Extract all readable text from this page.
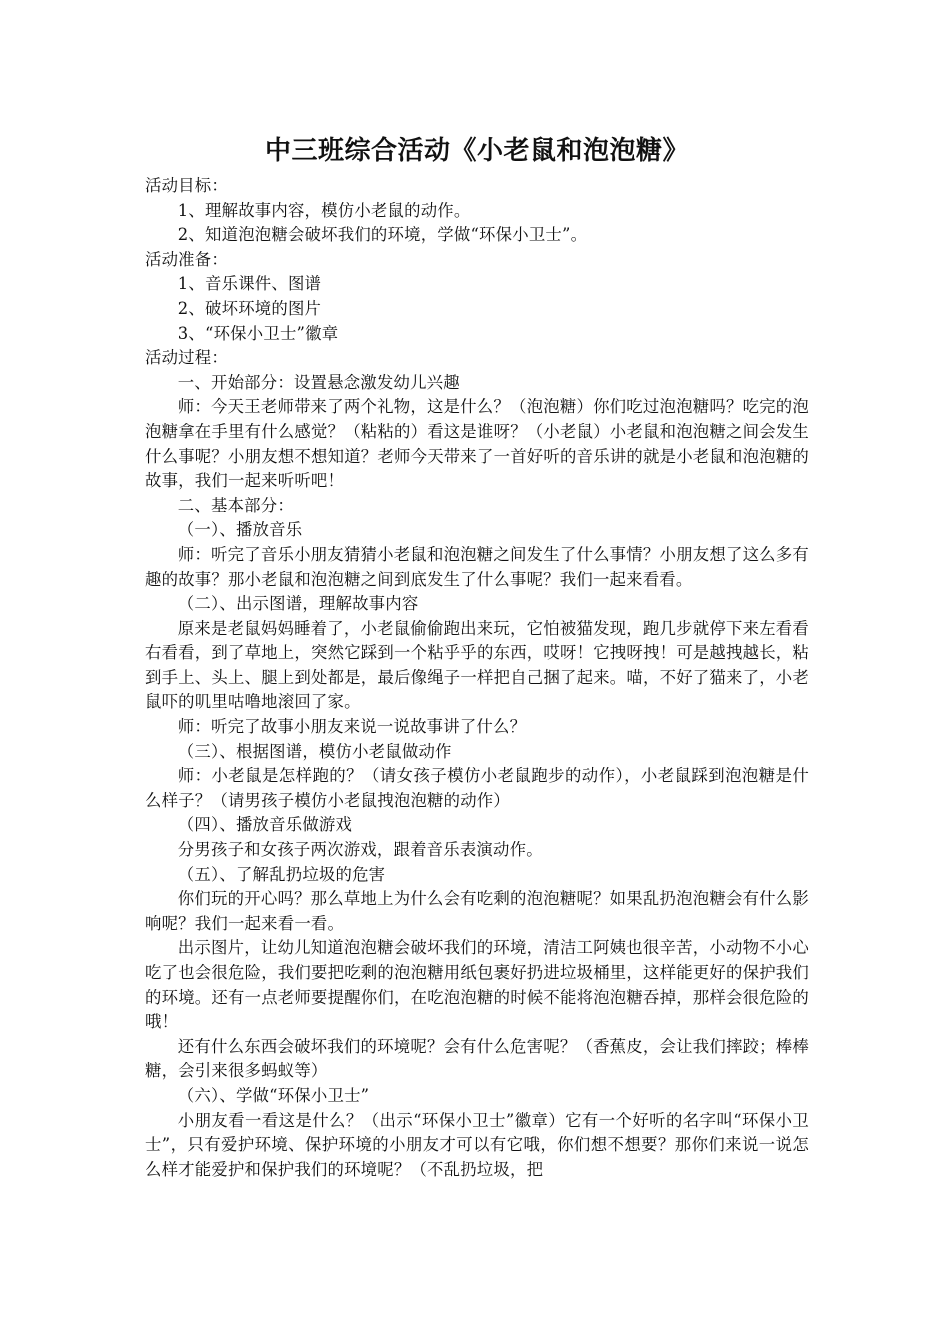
中三班综合活动《小老鼠和泡泡糖》

活动目标：

1、理解故事内容，模仿小老鼠的动作。

2、知道泡泡糖会破坏我们的环境，学做“环保小卫士”。

活动准备：

1、音乐课件、图谱

2、破坏环境的图片

3、“环保小卫士”徽章

活动过程：

一、开始部分：设置悬念激发幼儿兴趣

师：今天王老师带来了两个礼物，这是什么？（泡泡糖）你们吃过泡泡糖吗？吃完的泡泡糖拿在手里有什么感觉？（粘粘的）看这是谁呀？（小老鼠）小老鼠和泡泡糖之间会发生什么事呢？小朋友想不想知道？老师今天带来了一首好听的音乐讲的就是小老鼠和泡泡糖的故事，我们一起来听听吧！

二、基本部分：

（一）、播放音乐

师：听完了音乐小朋友猜猜小老鼠和泡泡糖之间发生了什么事情？小朋友想了这么多有趣的故事？那小老鼠和泡泡糖之间到底发生了什么事呢？我们一起来看看。

（二）、出示图谱，理解故事内容

原来是老鼠妈妈睡着了，小老鼠偷偷跑出来玩，它怕被猫发现，跑几步就停下来左看看右看看，到了草地上，突然它踩到一个粘乎乎的东西，哎呀！它拽呀拽！可是越拽越长，粘到手上、头上、腿上到处都是，最后像绳子一样把自己捆了起来。喵，不好了猫来了，小老鼠吓的叽里咕噜地滚回了家。

师：听完了故事小朋友来说一说故事讲了什么？

（三）、根据图谱，模仿小老鼠做动作

师：小老鼠是怎样跑的？（请女孩子模仿小老鼠跑步的动作），小老鼠踩到泡泡糖是什么样子？（请男孩子模仿小老鼠拽泡泡糖的动作）

（四）、播放音乐做游戏

分男孩子和女孩子两次游戏，跟着音乐表演动作。

（五）、了解乱扔垃圾的危害

你们玩的开心吗？那么草地上为什么会有吃剩的泡泡糖呢？如果乱扔泡泡糖会有什么影响呢？我们一起来看一看。

出示图片，让幼儿知道泡泡糖会破坏我们的环境，清洁工阿姨也很辛苦，小动物不小心吃了也会很危险，我们要把吃剩的泡泡糖用纸包裹好扔进垃圾桶里，这样能更好的保护我们的环境。还有一点老师要提醒你们，在吃泡泡糖的时候不能将泡泡糖吞掉，那样会很危险的哦！

还有什么东西会破坏我们的环境呢？会有什么危害呢？（香蕉皮，会让我们摔跤；棒棒糖，会引来很多蚂蚁等）

（六）、学做“环保小卫士”

小朋友看一看这是什么？（出示“环保小卫士”徽章）它有一个好听的名字叫“环保小卫士”，只有爱护环境、保护环境的小朋友才可以有它哦，你们想不想要？那你们来说一说怎么样才能爱护和保护我们的环境呢？（不乱扔垃圾，把
